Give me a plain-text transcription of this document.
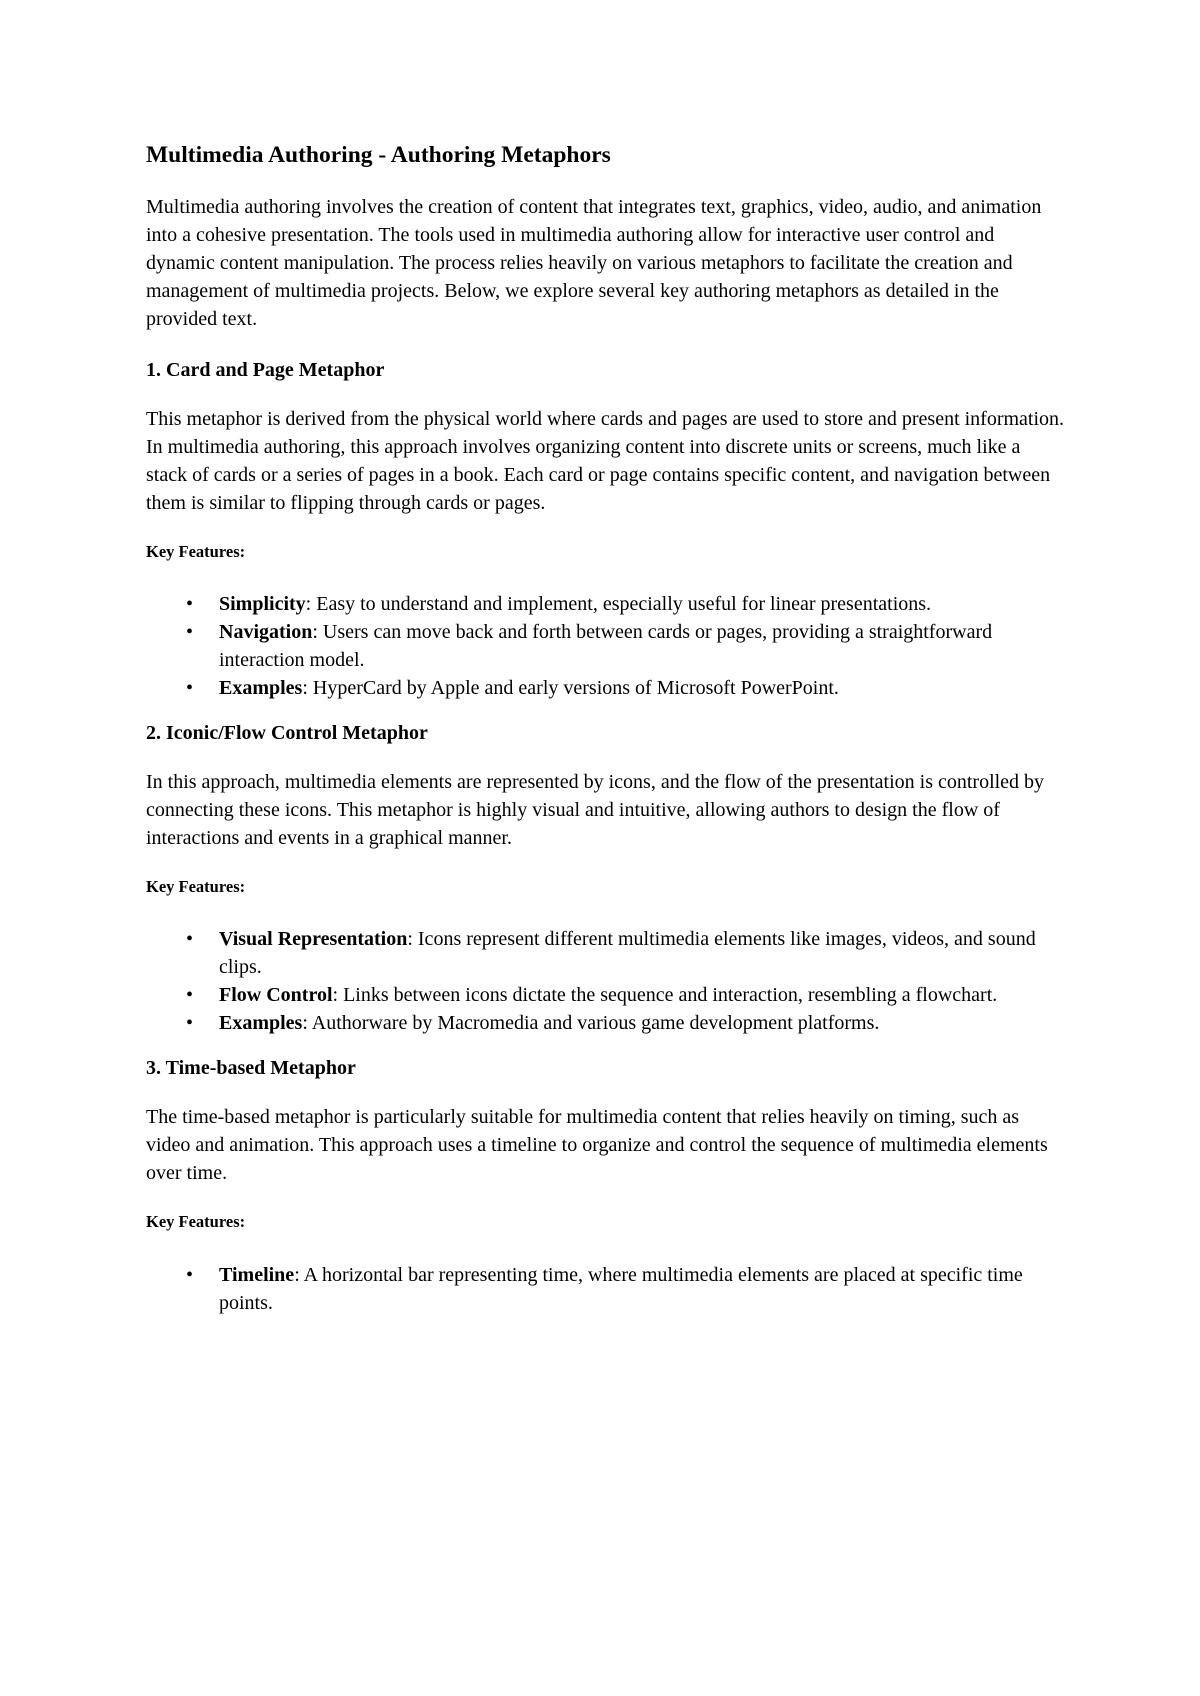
Multimedia Authoring - Authoring Metaphors

Multimedia authoring involves the creation of content that integrates text, graphics, video, audio, and animation into a cohesive presentation. The tools used in multimedia authoring allow for interactive user control and dynamic content manipulation. The process relies heavily on various metaphors to facilitate the creation and management of multimedia projects. Below, we explore several key authoring metaphors as detailed in the provided text.

1. Card and Page Metaphor

This metaphor is derived from the physical world where cards and pages are used to store and present information. In multimedia authoring, this approach involves organizing content into discrete units or screens, much like a stack of cards or a series of pages in a book. Each card or page contains specific content, and navigation between them is similar to flipping through cards or pages.

Key Features:
• Simplicity: Easy to understand and implement, especially useful for linear presentations.
• Navigation: Users can move back and forth between cards or pages, providing a straightforward interaction model.
• Examples: HyperCard by Apple and early versions of Microsoft PowerPoint.
2. Iconic/Flow Control Metaphor

In this approach, multimedia elements are represented by icons, and the flow of the presentation is controlled by connecting these icons. This metaphor is highly visual and intuitive, allowing authors to design the flow of interactions and events in a graphical manner.

Key Features:
• Visual Representation: Icons represent different multimedia elements like images, videos, and sound clips.
• Flow Control: Links between icons dictate the sequence and interaction, resembling a flowchart.
• Examples: Authorware by Macromedia and various game development platforms.
3. Time-based Metaphor

The time-based metaphor is particularly suitable for multimedia content that relies heavily on timing, such as video and animation. This approach uses a timeline to organize and control the sequence of multimedia elements over time.

Key Features:
• Timeline: A horizontal bar representing time, where multimedia elements are placed at specific time points.
